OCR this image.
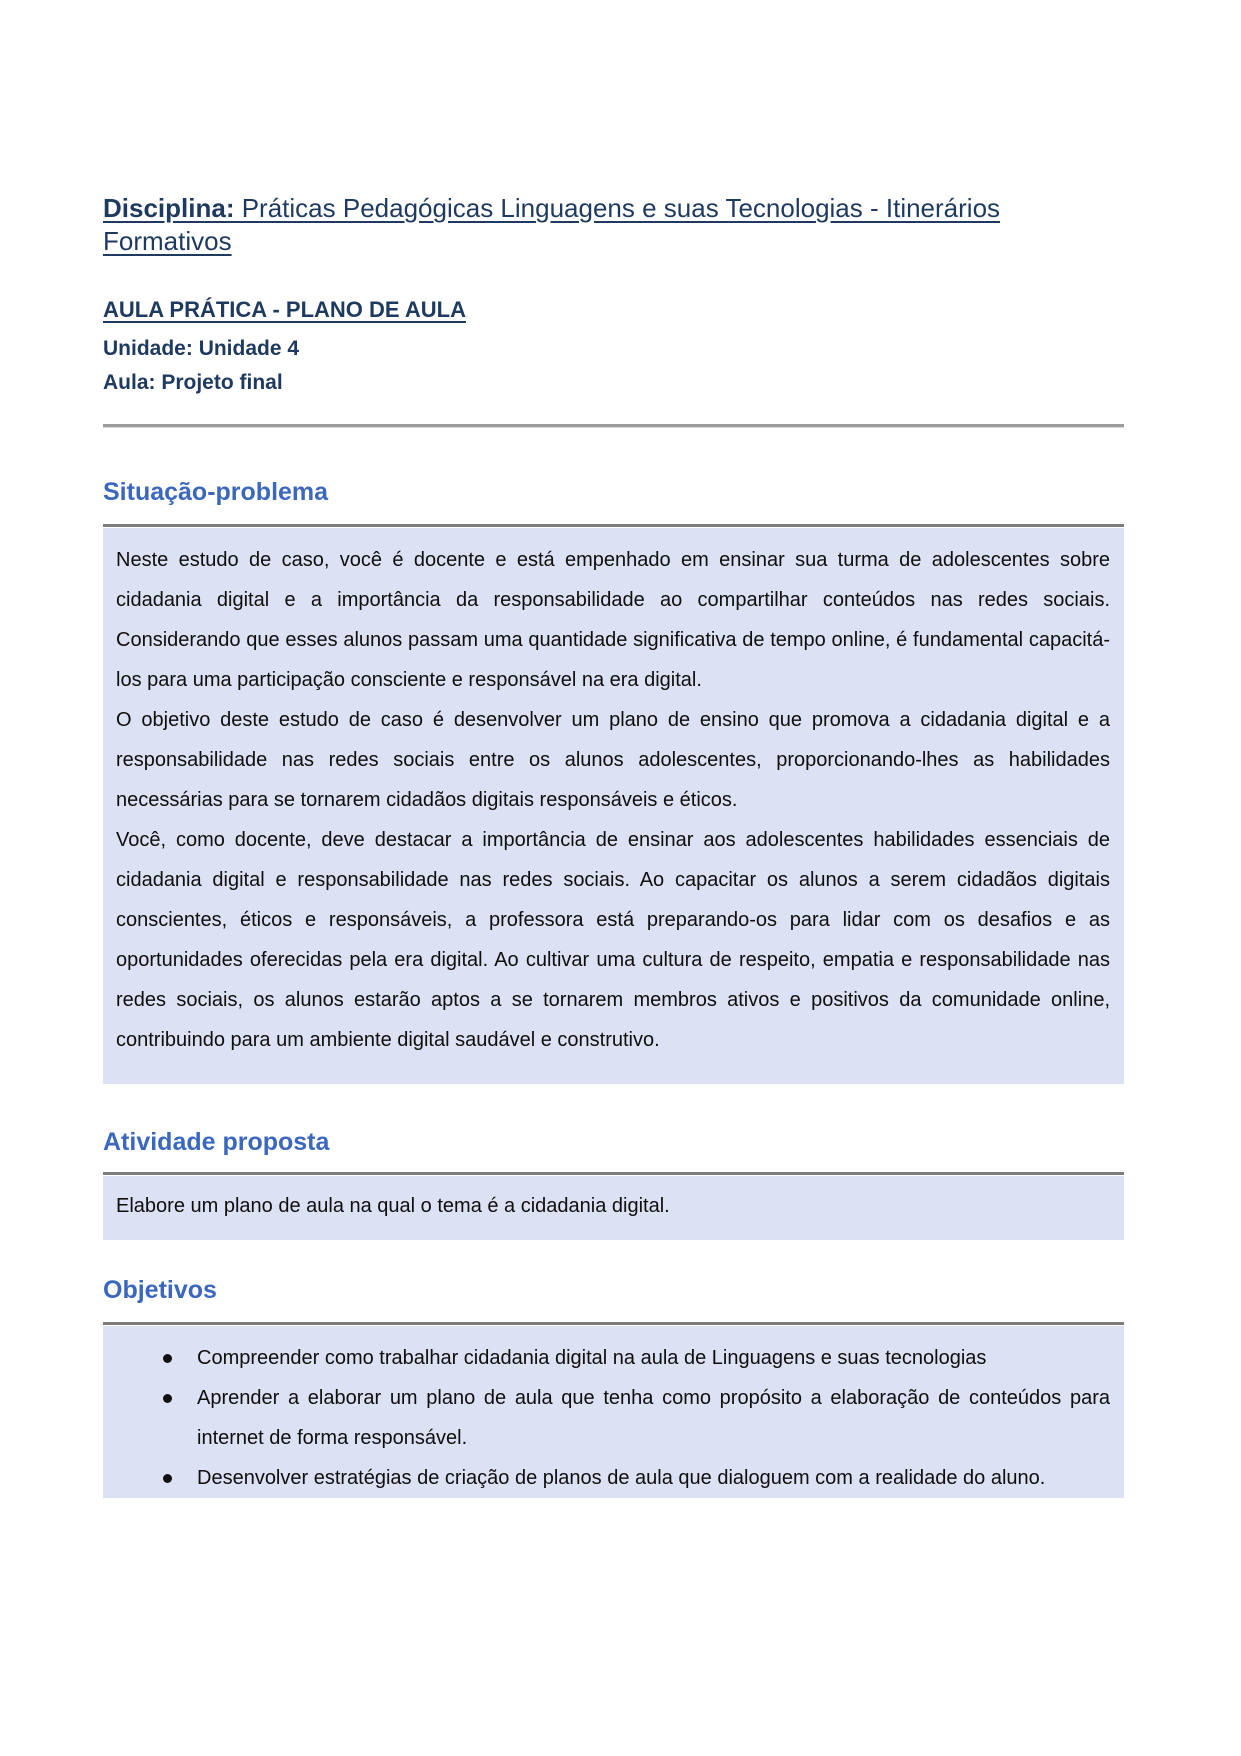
Disciplina: Práticas Pedagógicas Linguagens e suas Tecnologias - Itinerários Formativos
AULA PRÁTICA - PLANO DE AULA
Unidade: Unidade 4
Aula: Projeto final
Situação-problema

Neste estudo de caso, você é docente e está empenhado em ensinar sua turma de adolescentes sobre cidadania digital e a importância da responsabilidade ao compartilhar conteúdos nas redes sociais. Considerando que esses alunos passam uma quantidade significativa de tempo online, é fundamental capacitá-los para uma participação consciente e responsável na era digital.

O objetivo deste estudo de caso é desenvolver um plano de ensino que promova a cidadania digital e a responsabilidade nas redes sociais entre os alunos adolescentes, proporcionando-lhes as habilidades necessárias para se tornarem cidadãos digitais responsáveis e éticos.

Você, como docente, deve destacar a importância de ensinar aos adolescentes habilidades essenciais de cidadania digital e responsabilidade nas redes sociais. Ao capacitar os alunos a serem cidadãos digitais conscientes, éticos e responsáveis, a professora está preparando-os para lidar com os desafios e as oportunidades oferecidas pela era digital. Ao cultivar uma cultura de respeito, empatia e responsabilidade nas redes sociais, os alunos estarão aptos a se tornarem membros ativos e positivos da comunidade online, contribuindo para um ambiente digital saudável e construtivo.

Atividade proposta

Elabore um plano de aula na qual o tema é a cidadania digital.

Objetivos
Compreender como trabalhar cidadania digital na aula de Linguagens e suas tecnologias
Aprender a elaborar um plano de aula que tenha como propósito a elaboração de conteúdos para internet de forma responsável.
Desenvolver estratégias de criação de planos de aula que dialoguem com a realidade do aluno.
